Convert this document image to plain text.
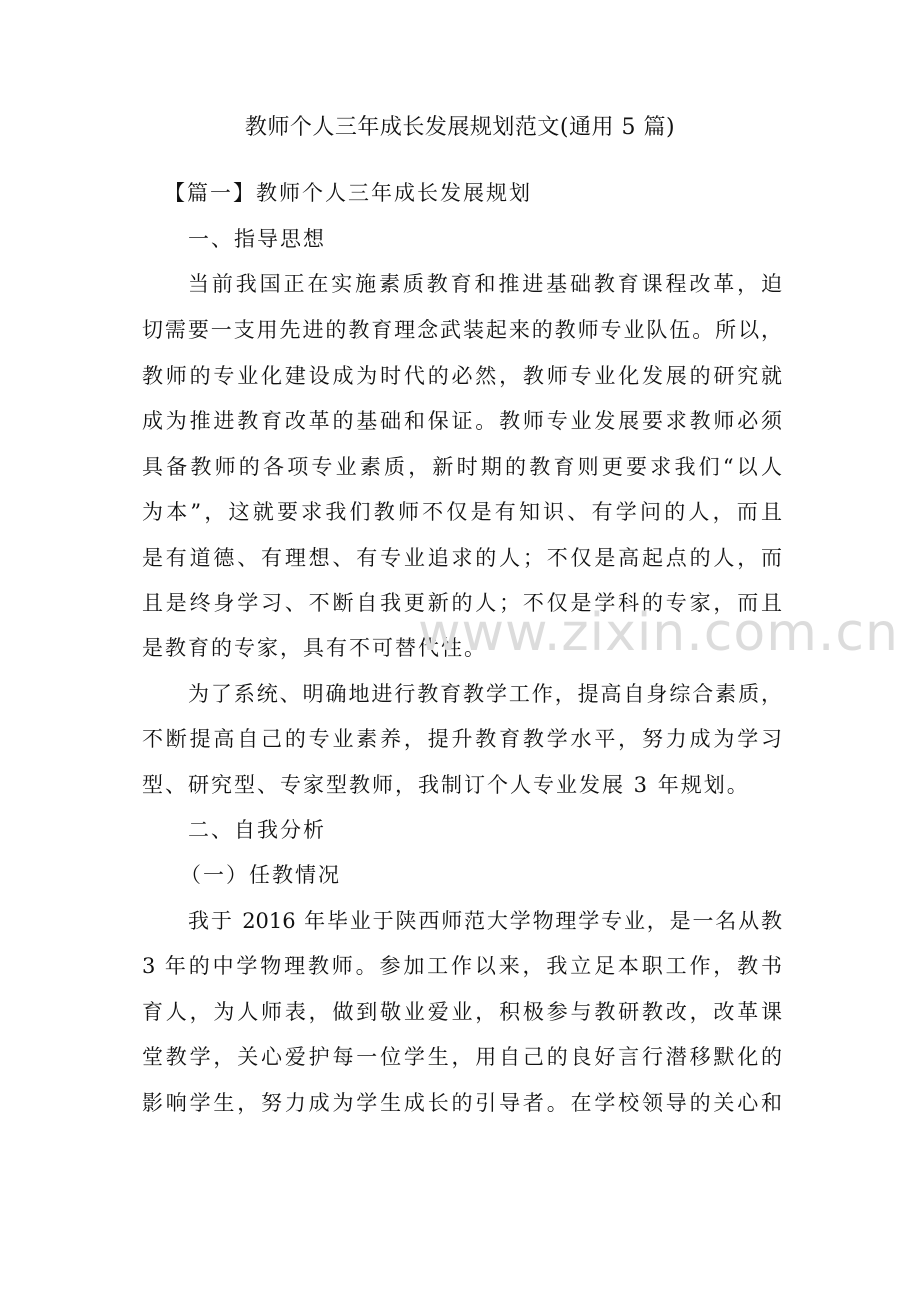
教师个人三年成长发展规划范文(通用 5 篇)
【篇一】教师个人三年成长发展规划
一、指导思想
当前我国正在实施素质教育和推进基础教育课程改革，迫
切需要一支用先进的教育理念武装起来的教师专业队伍。所以，
教师的专业化建设成为时代的必然，教师专业化发展的研究就
成为推进教育改革的基础和保证。教师专业发展要求教师必须
具备教师的各项专业素质，新时期的教育则更要求我们“以人
为本”，这就要求我们教师不仅是有知识、有学问的人，而且
是有道德、有理想、有专业追求的人；不仅是高起点的人，而
且是终身学习、不断自我更新的人；不仅是学科的专家，而且
是教育的专家，具有不可替代性。
为了系统、明确地进行教育教学工作，提高自身综合素质，
不断提高自己的专业素养，提升教育教学水平，努力成为学习
型、研究型、专家型教师，我制订个人专业发展 3 年规划。
二、自我分析
（一）任教情况
我于 2016 年毕业于陕西师范大学物理学专业，是一名从教
3 年的中学物理教师。参加工作以来，我立足本职工作，教书
育人，为人师表，做到敬业爱业，积极参与教研教改，改革课
堂教学，关心爱护每一位学生，用自己的良好言行潜移默化的
影响学生，努力成为学生成长的引导者。在学校领导的关心和
www.zixin.com.cn
